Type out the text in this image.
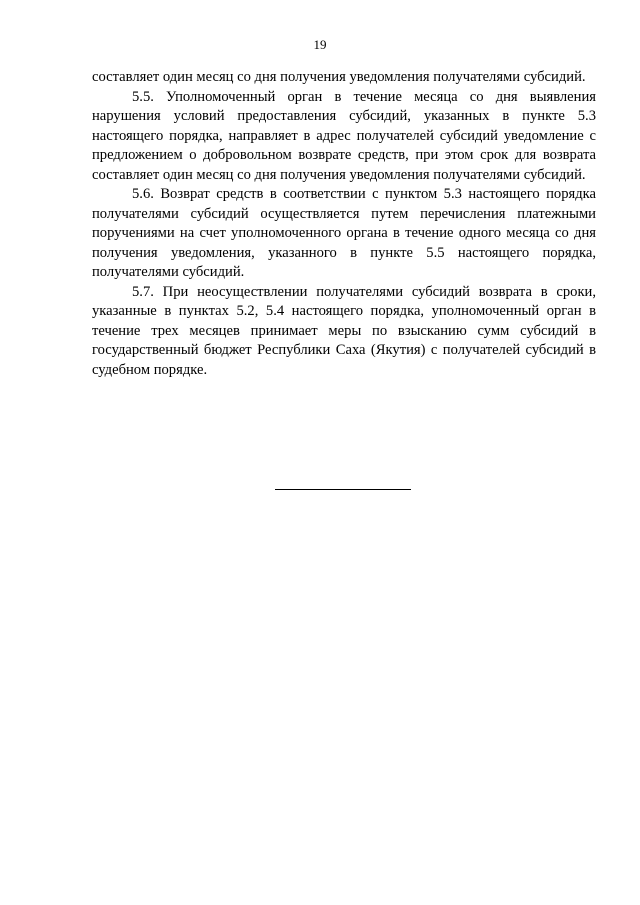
19

составляет один месяц со дня получения уведомления получателями субсидий.

5.5. Уполномоченный орган в течение месяца со дня выявления нарушения условий предоставления субсидий, указанных в пункте 5.3 настоящего порядка, направляет в адрес получателей субсидий уведомление с предложением о добровольном возврате средств, при этом срок для возврата составляет один месяц со дня получения уведомления получателями субсидий.

5.6. Возврат средств в соответствии с пунктом 5.3 настоящего порядка получателями субсидий осуществляется путем перечисления платежными поручениями на счет уполномоченного органа в течение одного месяца со дня получения уведомления, указанного в пункте 5.5 настоящего порядка, получателями субсидий.

5.7. При неосуществлении получателями субсидий возврата в сроки, указанные в пунктах 5.2, 5.4 настоящего порядка, уполномоченный орган в течение трех месяцев принимает меры по взысканию сумм субсидий в государственный бюджет Республики Саха (Якутия) с получателей субсидий в судебном порядке.
